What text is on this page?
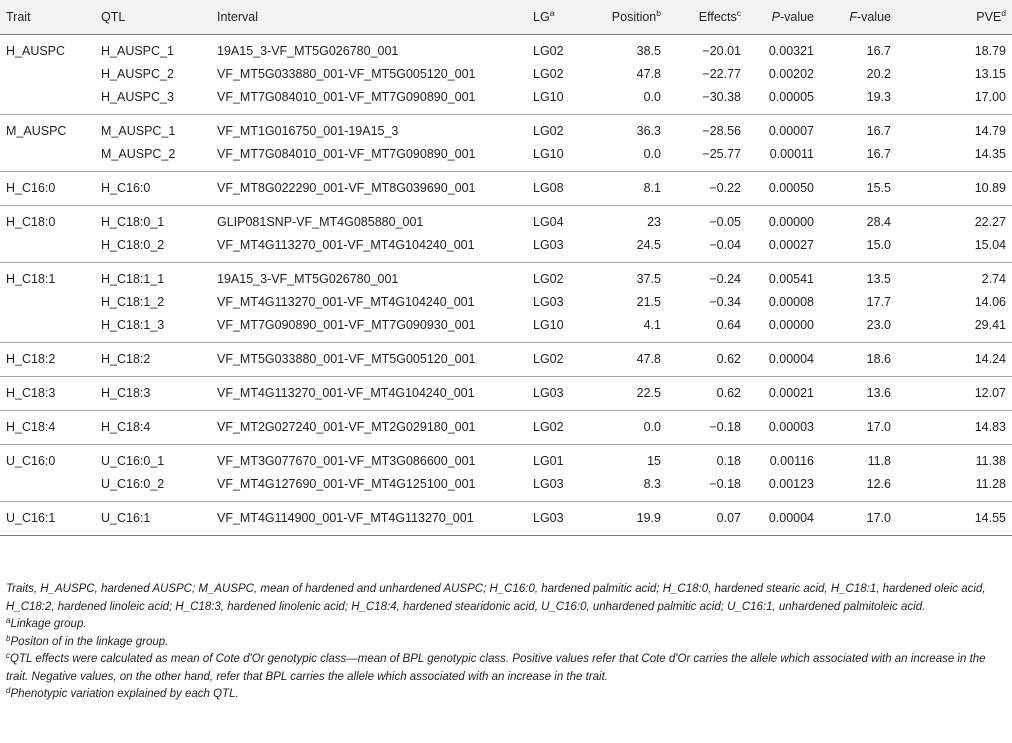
Trait	QTL	Interval	$LG^a$	Position$^b$	Effects$^c$	P-value	F-value	PVE$^d$
H_AUSPC	H_AUSPC_1	19A15_3-VF_MT5G026780_001	LG02	38.5	−20.01	0.00321	16.7	18.79
	H_AUSPC_2	VF_MT5G033880_001-VF_MT5G005120_001	LG02	47.8	−22.77	0.00202	20.2	13.15
	H_AUSPC_3	VF_MT7G084010_001-VF_MT7G090890_001	LG10	0.0	−30.38	0.00005	19.3	17.00
M_AUSPC	M_AUSPC_1	VF_MT1G016750_001-19A15_3	LG02	36.3	−28.56	0.00007	16.7	14.79
	M_AUSPC_2	VF_MT7G084010_001-VF_MT7G090890_001	LG10	0.0	−25.77	0.00011	16.7	14.35
H_C16:0	H_C16:0	VF_MT8G022290_001-VF_MT8G039690_001	LG08	8.1	−0.22	0.00050	15.5	10.89
H_C18:0	H_C18:0_1	GLIP081SNP-VF_MT4G085880_001	LG04	23	−0.05	0.00000	28.4	22.27
	H_C18:0_2	VF_MT4G113270_001-VF_MT4G104240_001	LG03	24.5	−0.04	0.00027	15.0	15.04
H_C18:1	H_C18:1_1	19A15_3-VF_MT5G026780_001	LG02	37.5	−0.24	0.00541	13.5	2.74
	H_C18:1_2	VF_MT4G113270_001-VF_MT4G104240_001	LG03	21.5	−0.34	0.00008	17.7	14.06
	H_C18:1_3	VF_MT7G090890_001-VF_MT7G090930_001	LG10	4.1	0.64	0.00000	23.0	29.41
H_C18:2	H_C18:2	VF_MT5G033880_001-VF_MT5G005120_001	LG02	47.8	0.62	0.00004	18.6	14.24
H_C18:3	H_C18:3	VF_MT4G113270_001-VF_MT4G104240_001	LG03	22.5	0.62	0.00021	13.6	12.07
H_C18:4	H_C18:4	VF_MT2G027240_001-VF_MT2G029180_001	LG02	0.0	−0.18	0.00003	17.0	14.83
U_C16:0	U_C16:0_1	VF_MT3G077670_001-VF_MT3G086600_001	LG01	15	0.18	0.00116	11.8	11.38
	U_C16:0_2	VF_MT4G127690_001-VF_MT4G125100_001	LG03	8.3	−0.18	0.00123	12.6	11.28
U_C16:1	U_C16:1	VF_MT4G114900_001-VF_MT4G113270_001	LG03	19.9	0.07	0.00004	17.0	14.55

Traits, H_AUSPC, hardened AUSPC; M_AUSPC, mean of hardened and unhardened AUSPC; H_C16:0, hardened palmitic acid; H_C18:0, hardened stearic acid, H_C18:1, hardened oleic acid, H_C18:2, hardened linoleic acid; H_C18:3, hardened linolenic acid; H_C18:4, hardened stearidonic acid, U_C16:0, unhardened palmitic acid; U_C16:1, unhardened palmitoleic acid.

$^a$Linkage group.

$^b$Positon of in the linkage group.

$^c$QTL effects were calculated as mean of Cote d'Or genotypic class—mean of BPL genotypic class. Positive values refer that Cote d'Or carries the allele which associated with an increase in the trait. Negative values, on the other hand, refer that BPL carries the allele which associated with an increase in the trait.

$^d$Phenotypic variation explained by each QTL.
